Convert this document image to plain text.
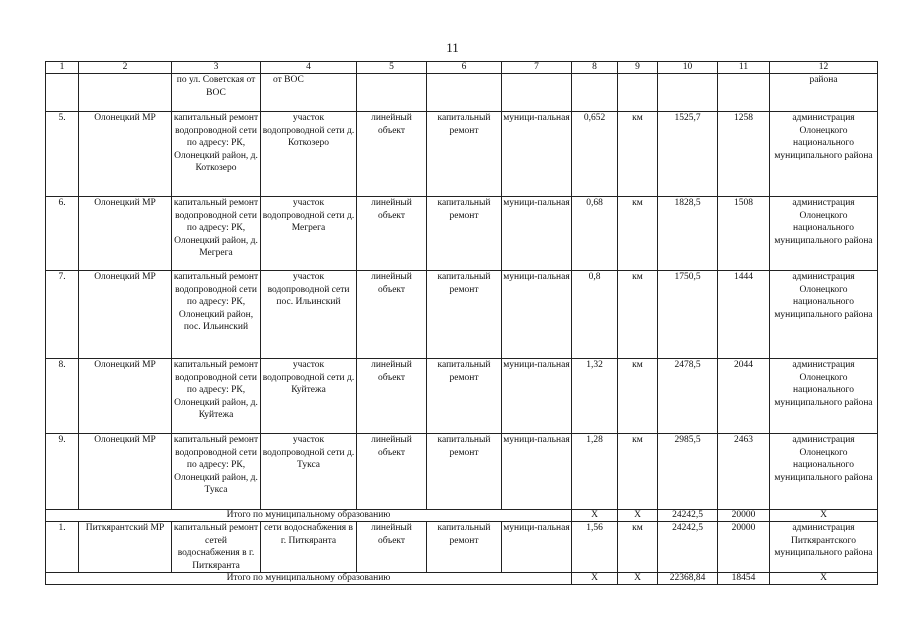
11
1	2	3	4	5	6	7	8	9	10	11	12
		по ул. Советская от ВОС	от ВОС								района
5.	Олонецкий МР	капитальный ремонт водопроводной сети по адресу: РК, Олонецкий район, д. Коткозеро	участок водопроводной сети д. Коткозеро	линейный объект	капитальный ремонт	муници-пальная	0,652	км	1525,7	1258	администрация Олонецкого национального муниципального района
6.	Олонецкий МР	капитальный ремонт водопроводной сети по адресу: РК, Олонецкий район, д. Мегрега	участок водопроводной сети д. Мегрега	линейный объект	капитальный ремонт	муници-пальная	0,68	км	1828,5	1508	администрация Олонецкого национального муниципального района
7.	Олонецкий МР	капитальный ремонт водопроводной сети по адресу: РК, Олонецкий район, пос. Ильинский	участок водопроводной сети пос. Ильинский	линейный объект	капитальный ремонт	муници-пальная	0,8	км	1750,5	1444	администрация Олонецкого национального муниципального района
8.	Олонецкий МР	капитальный ремонт водопроводной сети по адресу: РК, Олонецкий район, д. Куйтежа	участок водопроводной сети д. Куйтежа	линейный объект	капитальный ремонт	муници-пальная	1,32	км	2478,5	2044	администрация Олонецкого национального муниципального района
9.	Олонецкий МР	капитальный ремонт водопроводной сети по адресу: РК, Олонецкий район, д. Тукса	участок водопроводной сети д. Тукса	линейный объект	капитальный ремонт	муници-пальная	1,28	км	2985,5	2463	администрация Олонецкого национального муниципального района
Итого по муниципальному образованию							X	X	24242,5	20000	X
1.	Питкярантский МР	капитальный ремонт сетей водоснабжения в г. Питкяранта	сети водоснабжения в г. Питкяранта	линейный объект	капитальный ремонт	муници-пальная	1,56	км	24242,5	20000	администрация Питкярантского муниципального района
Итого по муниципальному образованию							X	X	22368,84	18454	X
